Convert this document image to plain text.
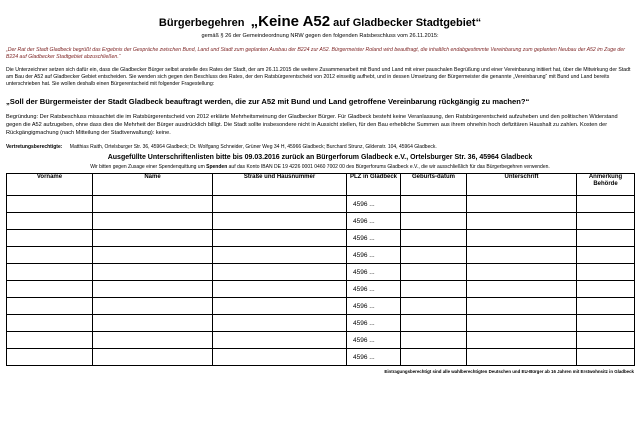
Bürgerbegehren „Keine A52 auf Gladbecker Stadtgebiet“
gemäß § 26 der Gemeindeordnung NRW gegen den folgenden Ratsbeschluss vom 26.11.2015:
„Der Rat der Stadt Gladbeck begrüßt das Ergebnis der Gespräche zwischen Bund, Land und Stadt zum geplanten Ausbau der B224 zur A52. Bürgermeister Roland wird beauftragt, die inhaltlich endabgestimmte Vereinbarung zum geplanten Neubau der A52 im Zuge der B224 auf Gladbecker Stadtgebiet abzuschließen.“
Die Unterzeichner setzen sich dafür ein, dass die Gladbecker Bürger selbst anstelle des Rates der Stadt, der am 26.11.2015 die weitere Zusammenarbeit mit Bund und Land mit einer pauschalen Begrüßung und einer Vereinbarung initiiert hat, über die Mitwirkung der Stadt am Bau der A52 auf Gladbecker Gebiet entscheiden. Sie wenden sich gegen den Beschluss des Rates, der den Ratsbürgerentscheid von 2012 einseitig aufhebt, und in dessen Umsetzung der Bürgermeister die genannte „Vereinbarung“ mit Bund und Land bereits unterschrieben hat. Sie wollen deshalb einen Bürgerentscheid mit folgender Fragestellung:
„Soll der Bürgermeister der Stadt Gladbeck beauftragt werden, die zur A52 mit Bund und Land getroffene Vereinbarung rückgängig zu machen?“
Begründung: Der Ratsbeschluss missachtet die im Ratsbürgerentscheid von 2012 erklärte Mehrheitsmeinung der Gladbecker Bürger. Für Gladbeck besteht keine Veranlassung, den Ratsbürgerentscheid aufzuheben und den politischen Widerstand gegen die A52 aufzugeben, ohne dass dies die Mehrheit der Bürger ausdrücklich billigt. Die Stadt sollte insbesondere nicht in Aussicht stellen, für den Bau erhebliche Summen aus ihrem ohnehin hoch defizitären Haushalt zu zahlen. Kosten der Rückgängigmachung (nach Mitteilung der Stadtverwaltung): keine.
Vertretungsberechtigte: Matthias Raith, Ortelsburger Str. 36, 45964 Gladbeck; Dr. Wolfgang Schneider, Grüner Weg 34 H, 45966 Gladbeck; Burchard Strunz, Gildenstr. 104, 45964 Gladbeck.
Ausgefüllte Unterschriftenlisten bitte bis 09.03.2016 zurück an Bürgerforum Gladbeck e.V., Ortelsburger Str. 36, 45964 Gladbeck
Wir bitten gegen Zusage einer Spendenquittung um Spenden auf das Konto IBAN DE 19 4226 0001 0460 7002 00 des Bürgerforums Gladbeck e.V., die wir ausschließlich für das Bürgerbegehren verwenden.
Vorname	Name	Straße und Hausnummer	PLZ in Gladbeck	Geburts-datum	Unterschrift	Anmerkung Behörde
			4596 ...			
			4596 ...			
			4596 ...			
			4596 ...			
			4596 ...			
			4596 ...			
			4596 ...			
			4596 ...			
			4596 ...			
			4596 ...			
Eintragungsberechtigt sind alle wahlberechtigten Deutschen und EU-Bürger ab 16 Jahren mit Erstwohnsitz in Gladbeck
